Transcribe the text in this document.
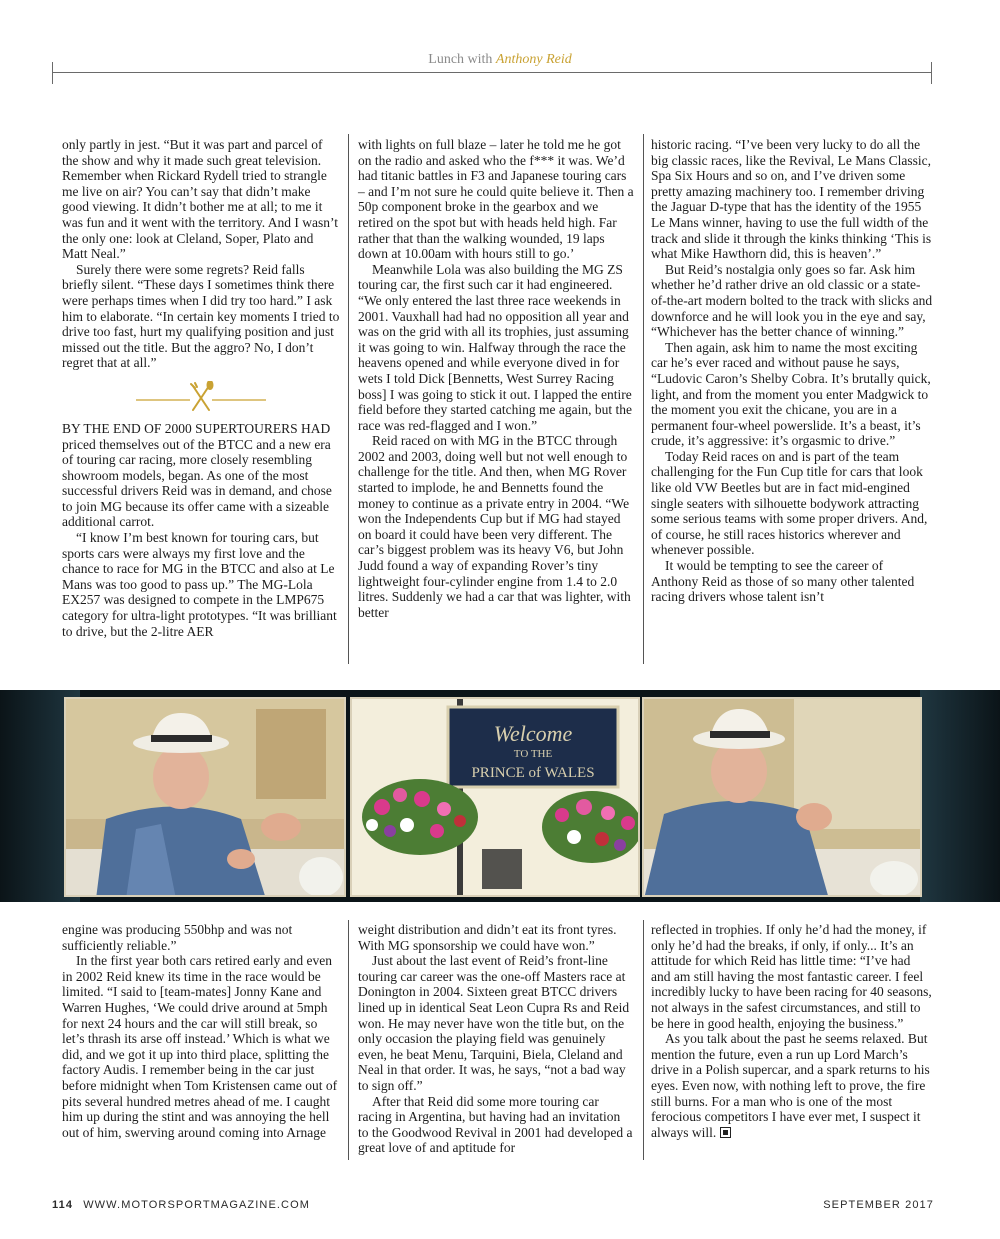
Lunch with Anthony Reid

only partly in jest. “But it was part and parcel of the show and why it made such great television. Remember when Rickard Rydell tried to strangle me live on air? You can’t say that didn’t make good viewing. It didn’t bother me at all; to me it was fun and it went with the territory. And I wasn’t the only one: look at Cleland, Soper, Plato and Matt Neal.”

Surely there were some regrets? Reid falls briefly silent. “These days I sometimes think there were perhaps times when I did try too hard.” I ask him to elaborate. “In certain key moments I tried to drive too fast, hurt my qualifying position and just missed out the title. But the aggro? No, I don’t regret that at all.”

BY THE END OF 2000 SUPERTOURERS HAD priced themselves out of the BTCC and a new era of touring car racing, more closely resembling showroom models, began. As one of the most successful drivers Reid was in demand, and chose to join MG because its offer came with a sizeable additional carrot.

“I know I’m best known for touring cars, but sports cars were always my first love and the chance to race for MG in the BTCC and also at Le Mans was too good to pass up.” The MG-Lola EX257 was designed to compete in the LMP675 category for ultra-light prototypes. “It was brilliant to drive, but the 2-litre AER

with lights on full blaze – later he told me he got on the radio and asked who the f*** it was. We’d had titanic battles in F3 and Japanese touring cars – and I’m not sure he could quite believe it. Then a 50p component broke in the gearbox and we retired on the spot but with heads held high. Far rather that than the walking wounded, 19 laps down at 10.00am with hours still to go.’

Meanwhile Lola was also building the MG ZS touring car, the first such car it had engineered. “We only entered the last three race weekends in 2001. Vauxhall had had no opposition all year and was on the grid with all its trophies, just assuming it was going to win. Halfway through the race the heavens opened and while everyone dived in for wets I told Dick [Bennetts, West Surrey Racing boss] I was going to stick it out. I lapped the entire field before they started catching me again, but the race was red-flagged and I won.”

Reid raced on with MG in the BTCC through 2002 and 2003, doing well but not well enough to challenge for the title. And then, when MG Rover started to implode, he and Bennetts found the money to continue as a private entry in 2004. “We won the Independents Cup but if MG had stayed on board it could have been very different. The car’s biggest problem was its heavy V6, but John Judd found a way of expanding Rover’s tiny lightweight four-cylinder engine from 1.4 to 2.0 litres. Suddenly we had a car that was lighter, with better

historic racing. “I’ve been very lucky to do all the big classic races, like the Revival, Le Mans Classic, Spa Six Hours and so on, and I’ve driven some pretty amazing machinery too. I remember driving the Jaguar D-type that has the identity of the 1955 Le Mans winner, having to use the full width of the track and slide it through the kinks thinking ‘This is what Mike Hawthorn did, this is heaven’.”

But Reid’s nostalgia only goes so far. Ask him whether he’d rather drive an old classic or a state-of-the-art modern bolted to the track with slicks and downforce and he will look you in the eye and say, “Whichever has the better chance of winning.”

Then again, ask him to name the most exciting car he’s ever raced and without pause he says, “Ludovic Caron’s Shelby Cobra. It’s brutally quick, light, and from the moment you enter Madgwick to the moment you exit the chicane, you are in a permanent four-wheel powerslide. It’s a beast, it’s crude, it’s aggressive: it’s orgasmic to drive.”

Today Reid races on and is part of the team challenging for the Fun Cup title for cars that look like old VW Beetles but are in fact mid-engined single seaters with silhouette bodywork attracting some serious teams with some proper drivers. And, of course, he still races historics wherever and whenever possible.

It would be tempting to see the career of Anthony Reid as those of so many other talented racing drivers whose talent isn’t

Welcome
TO THE
PRINCE of WALES

engine was producing 550bhp and was not sufficiently reliable.”

In the first year both cars retired early and even in 2002 Reid knew its time in the race would be limited. “I said to [team-mates] Jonny Kane and Warren Hughes, ‘We could drive around at 5mph for next 24 hours and the car will still break, so let’s thrash its arse off instead.’ Which is what we did, and we got it up into third place, splitting the factory Audis. I remember being in the car just before midnight when Tom Kristensen came out of pits several hundred metres ahead of me. I caught him up during the stint and was annoying the hell out of him, swerving around coming into Arnage

weight distribution and didn’t eat its front tyres. With MG sponsorship we could have won.”

Just about the last event of Reid’s front-line touring car career was the one-off Masters race at Donington in 2004. Sixteen great BTCC drivers lined up in identical Seat Leon Cupra Rs and Reid won. He may never have won the title but, on the only occasion the playing field was genuinely even, he beat Menu, Tarquini, Biela, Cleland and Neal in that order. It was, he says, “not a bad way to sign off.”

After that Reid did some more touring car racing in Argentina, but having had an invitation to the Goodwood Revival in 2001 had developed a great love of and aptitude for

reflected in trophies. If only he’d had the money, if only he’d had the breaks, if only, if only... It’s an attitude for which Reid has little time: “I’ve had and am still having the most fantastic career. I feel incredibly lucky to have been racing for 40 seasons, not always in the safest circumstances, and still to be here in good health, enjoying the business.”

As you talk about the past he seems relaxed. But mention the future, even a run up Lord March’s drive in a Polish supercar, and a spark returns to his eyes. Even now, with nothing left to prove, the fire still burns. For a man who is one of the most ferocious competitors I have ever met, I suspect it always will.

114 WWW.MOTORSPORTMAGAZINE.COM	SEPTEMBER 2017
